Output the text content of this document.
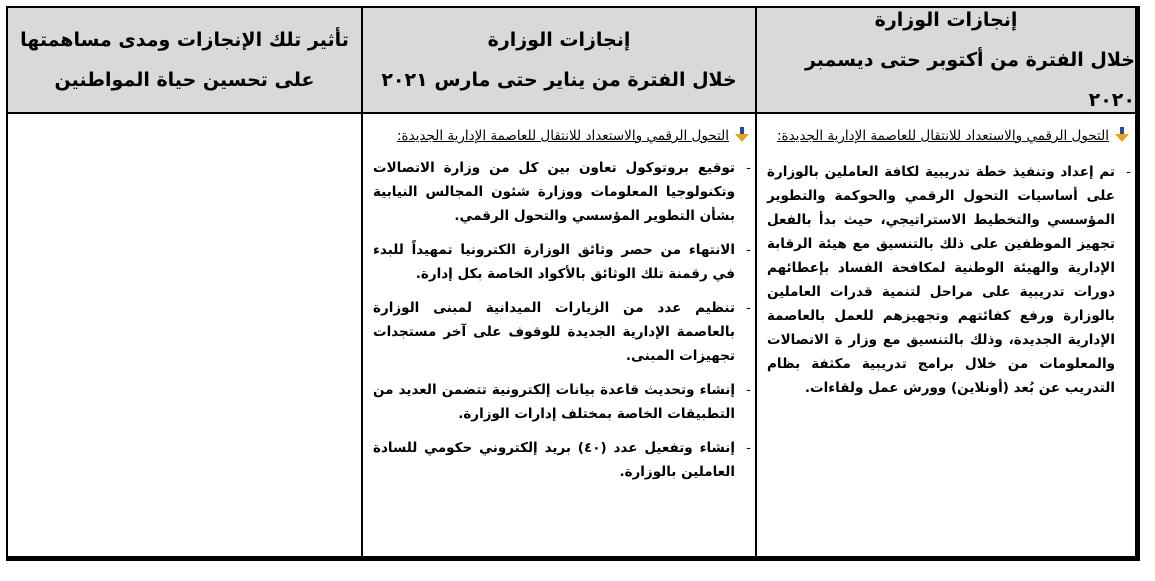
إنجازات الوزارة
خلال الفترة من أكتوبر حتى ديسمبر ٢٠٢٠
إنجازات الوزارة
خلال الفترة من يناير حتى مارس ٢٠٢١
تأثير تلك الإنجازات ومدى مساهمتها
على تحسين حياة المواطنين
التحول الرقمي والاستعداد للانتقال للعاصمة الإدارية الجديدة:
-
تم إعداد وتنفيذ خطة تدريبية لكافة العاملين بالوزارة على أساسيات التحول الرقمي والحوكمة والتطوير المؤسسي والتخطيط الاستراتيجي، حيث بدأ بالفعل تجهيز الموظفين على ذلك بالتنسيق مع هيئة الرقابة الإدارية والهيئة الوطنية لمكافحة الفساد بإعطائهم دورات تدريبية على مراحل لتنمية قدرات العاملين بالوزارة ورفع كفائتهم وتجهيزهم للعمل بالعاصمة الإدارية الجديدة، وذلك بالتنسيق مع وزار ة الاتصالات والمعلومات من خلال برامج تدريبية مكثفة بظام التدريب عن بُعد (أونلاين) وورش عمل ولقاءات.
التحول الرقمي والاستعداد للانتقال للعاصمة الإدارية الجديدة:
-
توقيع بروتوكول تعاون بين كل من وزارة الاتصالات وتكنولوجيا المعلومات ووزارة شئون المجالس النيابية بشأن التطوير المؤسسي والتحول الرقمي.
-
الانتهاء من حصر وثائق الوزارة الكترونيا تمهيداً للبدء في رقمنة تلك الوثائق بالأكواد الخاصة بكل إدارة.
-
تنظيم عدد من الزيارات الميدانية لمبنى الوزارة بالعاصمة الإدارية الجديدة للوقوف على آخر مستجدات تجهيزات المبنى.
-
إنشاء وتحديث قاعدة بيانات إلكترونية تتضمن العديد من التطبيقات الخاصة بمختلف إدارات الوزارة.
-
إنشاء وتفعيل عدد (٤٠) بريد إلكتروني حكومي للسادة العاملين بالوزارة.
